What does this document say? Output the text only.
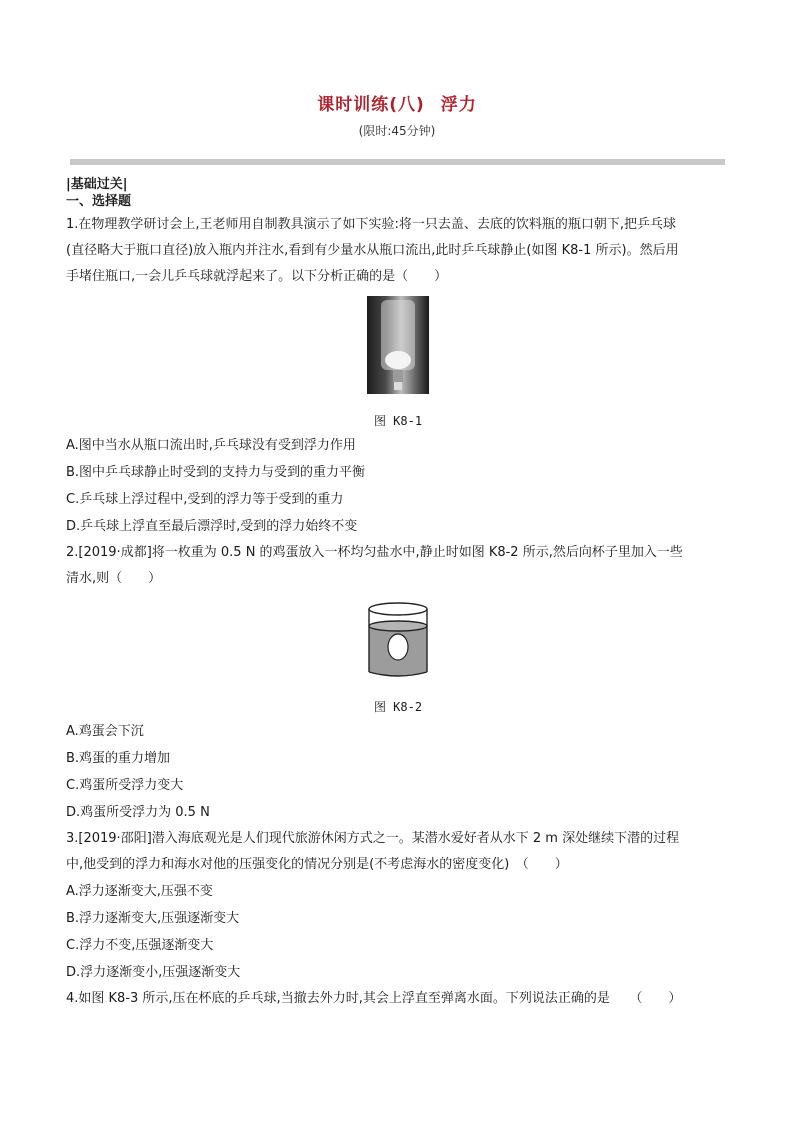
课时训练(八) 浮力
(限时:45分钟)
|基础过关|
一、选择题

1.在物理教学研讨会上,王老师用自制教具演示了如下实验:将一只去盖、去底的饮料瓶的瓶口朝下,把乒乓球

(直径略大于瓶口直径)放入瓶内并注水,看到有少量水从瓶口流出,此时乒乓球静止(如图 K8-1 所示)。然后用

手堵住瓶口,一会儿乒乓球就浮起来了。以下分析正确的是（　　）

图 K8-1

A.图中当水从瓶口流出时,乒乓球没有受到浮力作用

B.图中乒乓球静止时受到的支持力与受到的重力平衡

C.乒乓球上浮过程中,受到的浮力等于受到的重力

D.乒乓球上浮直至最后漂浮时,受到的浮力始终不变

2.[2019·成都]将一枚重为 0.5 N 的鸡蛋放入一杯均匀盐水中,静止时如图 K8-2 所示,然后向杯子里加入一些

清水,则（　　）

图 K8-2

A.鸡蛋会下沉

B.鸡蛋的重力增加

C.鸡蛋所受浮力变大

D.鸡蛋所受浮力为 0.5 N

3.[2019·邵阳]潜入海底观光是人们现代旅游休闲方式之一。某潜水爱好者从水下 2 m 深处继续下潜的过程

中,他受到的浮力和海水对他的压强变化的情况分别是(不考虑海水的密度变化)　（　　）

A.浮力逐渐变大,压强不变

B.浮力逐渐变大,压强逐渐变大

C.浮力不变,压强逐渐变大

D.浮力逐渐变小,压强逐渐变大

4.如图 K8-3 所示,压在杯底的乒乓球,当撤去外力时,其会上浮直至弹离水面。下列说法正确的是　　（　　）
